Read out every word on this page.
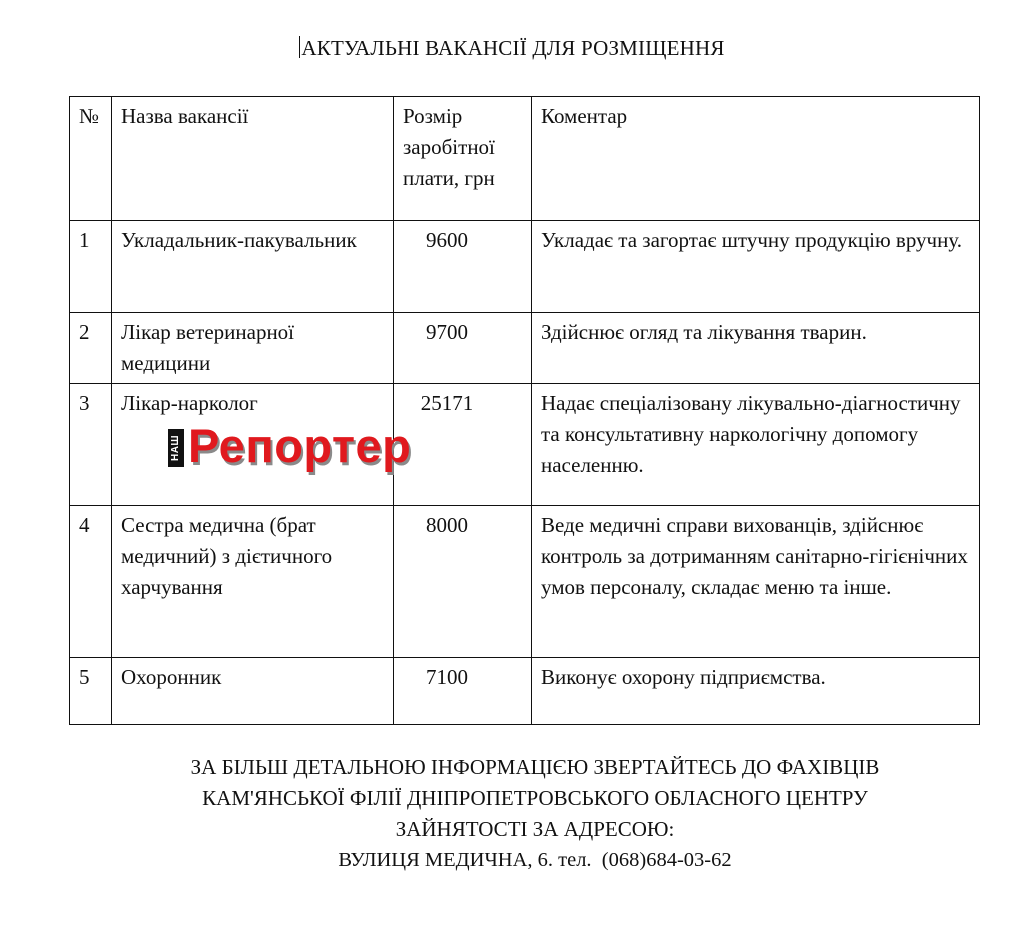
АКТУАЛЬНІ ВАКАНСІЇ ДЛЯ РОЗМІЩЕННЯ
№	Назва вакансії	Розмір заробітної плати, грн	Коментар
1	Укладальник-пакувальник	9600	Укладає та загортає штучну продукцію вручну.
2	Лікар ветеринарної медицини	9700	Здійснює огляд та лікування тварин.
3	Лікар-нарколог	25171	Надає спеціалізовану лікувально-діагностичну та консультативну наркологічну допомогу населенню.
4	Сестра медична (брат медичний) з дієтичного харчування	8000	Веде медичні справи вихованців, здійснює контроль за дотриманням санітарно-гігієнічних умов персоналу, складає меню та інше.
5	Охоронник	7100	Виконує охорону підприємства.
НАШ Репортер
ЗА БІЛЬШ ДЕТАЛЬНОЮ ІНФОРМАЦІЄЮ ЗВЕРТАЙТЕСЬ ДО ФАХІВЦІВ
КАМ'ЯНСЬКОЇ ФІЛІЇ ДНІПРОПЕТРОВСЬКОГО ОБЛАСНОГО ЦЕНТРУ
ЗАЙНЯТОСТІ ЗА АДРЕСОЮ:
ВУЛИЦЯ МЕДИЧНА, 6. тел.  (068)684-03-62
